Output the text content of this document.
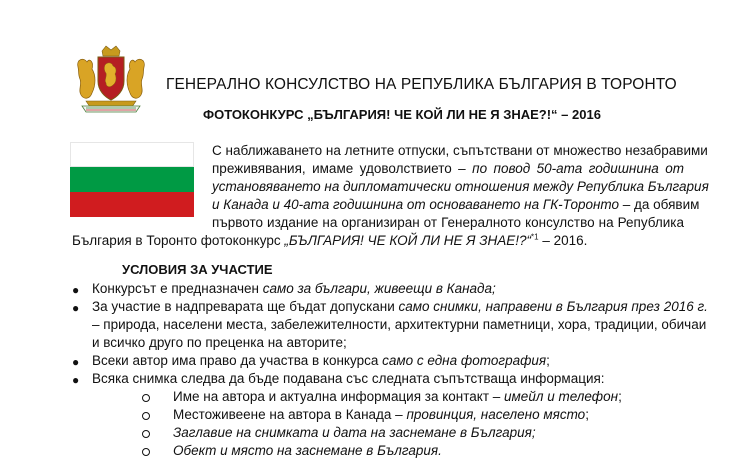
ГЕНЕРАЛНО КОНСУЛСТВО НА РЕПУБЛИКА БЪЛГАРИЯ В ТОРОНТО
ФОТОКОНКУРС „БЪЛГАРИЯ! ЧЕ КОЙ ЛИ НЕ Я ЗНАЕ?!“ – 2016
С наближаването на летните отпуски, съпътствани от множество незабравими
преживявания, имаме удоволствието – по повод 50-ата годишнина от
установяването на дипломатически отношения между Република България
и Канада и 40-ата годишнина от основаването на ГК-Торонто – да обявим
първото издание на организиран от Генералното консулство на Република
България в Торонто фотоконкурс „БЪЛГАРИЯ! ЧЕ КОЙ ЛИ НЕ Я ЗНАЕ!?“$^{*1}$ – 2016.
УСЛОВИЯ ЗА УЧАСТИЕ
● Конкурсът е предназначен само за българи, живеещи в Канада;
● За участие в надпреварата ще бъдат допускани само снимки, направени в България през 2016 г.
– природа, населени места, забележителности, архитектурни паметници, хора, традиции, обичаи
и всичко друго по преценка на авторите;
● Всеки автор има право да участва в конкурса само с една фотография;
● Всяка снимка следва да бъде подавана със следната съпътстваща информация:
Име на автора и актуална информация за контакт – имейл и телефон;
Местоживеене на автора в Канада – провинция, населено място;
Заглавие на снимката и дата на заснемане в България;
Обект и място на заснемане в България.
